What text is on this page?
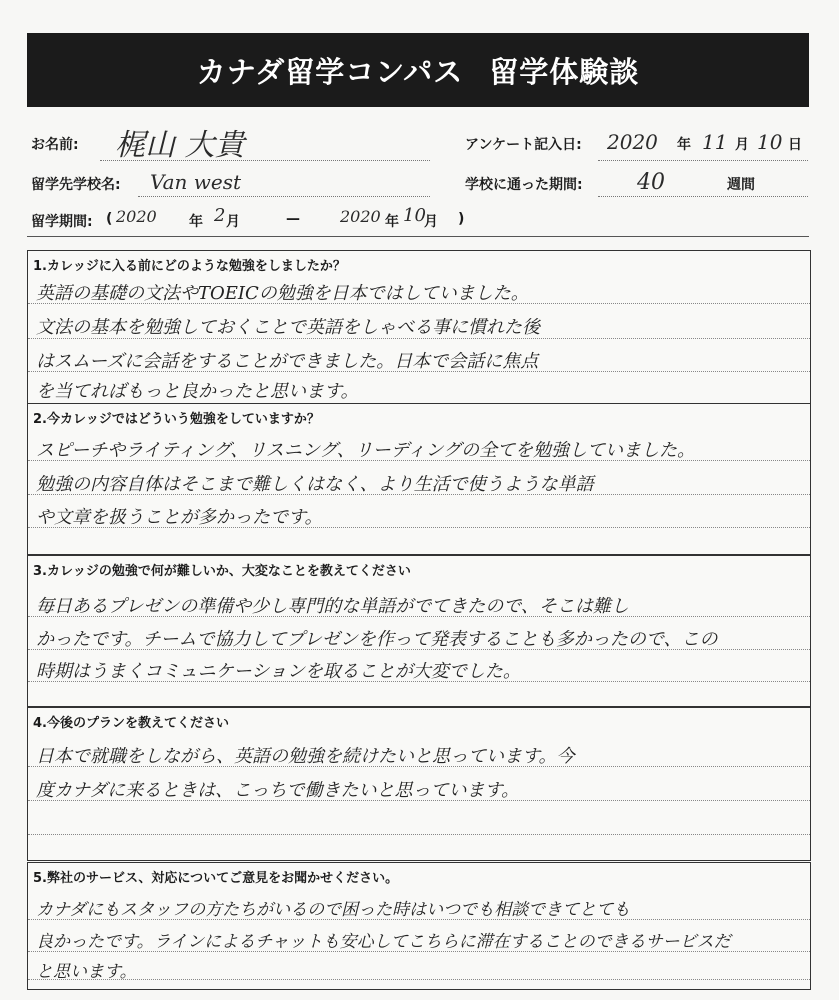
カナダ留学コンパス 留学体験談
お名前: 梶山 大貴	アンケート記入日: 2020 年 11 月 10 日
留学先学校名: Van west	学校に通った期間: 40	週間
留学期間: ( 2020 年 2 月	—	2020 年 10
月 )
1.カレッジに入る前にどのような勉強をしましたか？
英語の基礎の文法やTOEICの勉強を日本ではしていました。
文法の基本を勉強しておくことで英語をしゃべる事に慣れた後
はスムーズに会話をすることができました。日本で会話に焦点
を当てればもっと良かったと思います。
2.今カレッジではどういう勉強をしていますか？
スピーチやライティング、リスニング、リーディングの全てを勉強していました。
勉強の内容自体はそこまで難しくはなく、より生活で使うような単語
や文章を扱うことが多かったです。
3.カレッジの勉強で何が難しいか、大変なことを教えてください
毎日あるプレゼンの準備や少し専門的な単語がでてきたので、そこは難し
かったです。チームで協力してプレゼンを作って発表することも多かったので、この
時期はうまくコミュニケーションを取ることが大変でした。
4.今後のプランを教えてください
日本で就職をしながら、英語の勉強を続けたいと思っています。今
度カナダに来るときは、こっちで働きたいと思っています。
5.弊社のサービス、対応についてご意見をお聞かせください。
カナダにもスタッフの方たちがいるので困った時はいつでも相談できてとても
良かったです。ラインによるチャットも安心してこちらに滞在することのできるサービスだ
と思います。
